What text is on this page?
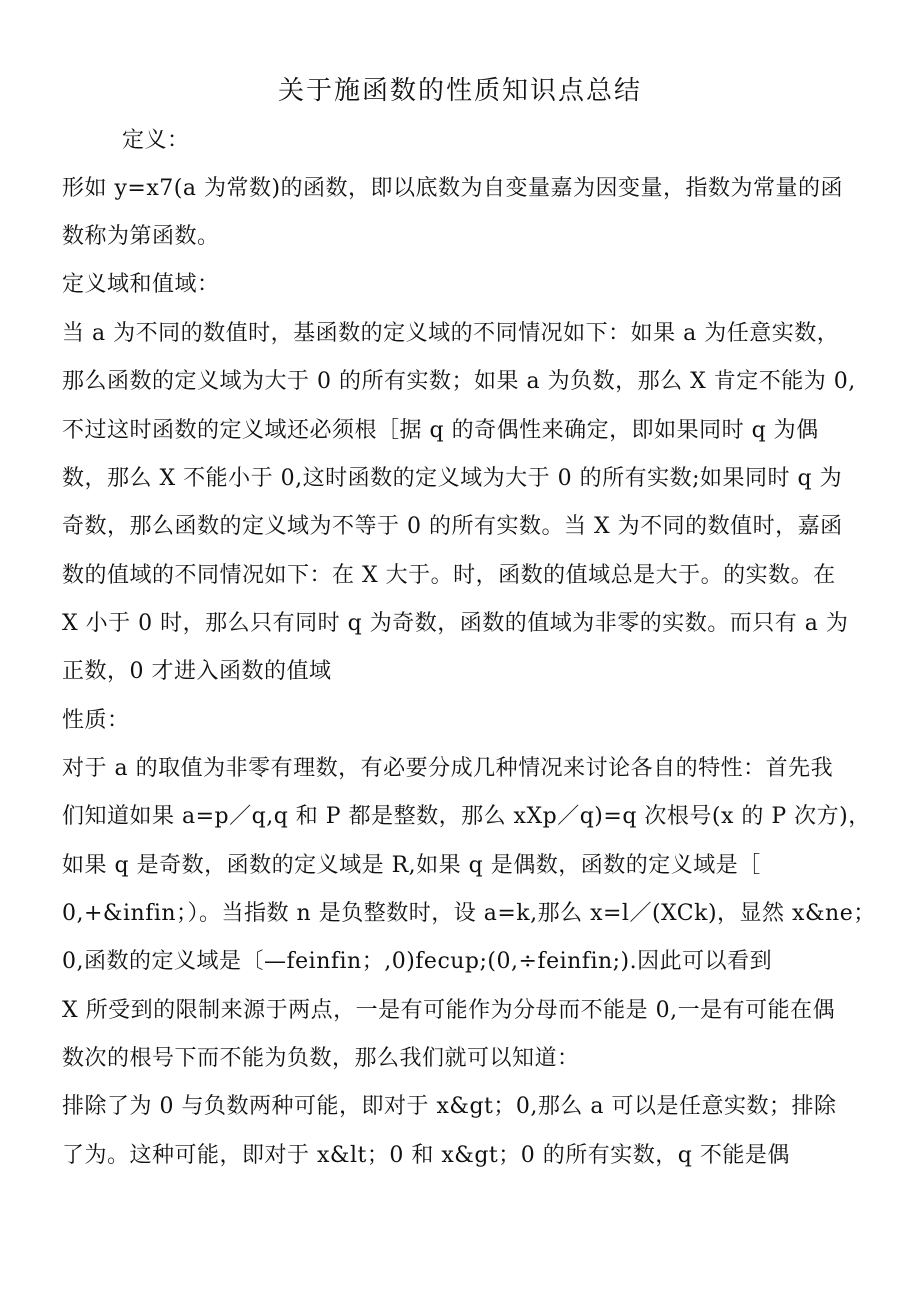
关于施函数的性质知识点总结

定义：

形如 y=x7(a 为常数)的函数，即以底数为自变量嘉为因变量，指数为常量的函

数称为第函数。

定义域和值域：

当 a 为不同的数值时，基函数的定义域的不同情况如下：如果 a 为任意实数，

那么函数的定义域为大于 0 的所有实数；如果 a 为负数，那么 X 肯定不能为 0,

不过这时函数的定义域还必须根［据 q 的奇偶性来确定，即如果同时 q 为偶

数，那么 X 不能小于 0,这时函数的定义域为大于 0 的所有实数;如果同时 q 为

奇数，那么函数的定义域为不等于 0 的所有实数。当 X 为不同的数值时，嘉函

数的值域的不同情况如下：在 X 大于。时，函数的值域总是大于。的实数。在

X 小于 0 时，那么只有同时 q 为奇数，函数的值域为非零的实数。而只有 a 为

正数，0 才进入函数的值域

性质：

对于 a 的取值为非零有理数，有必要分成几种情况来讨论各自的特性：首先我

们知道如果 a=p／q,q 和 P 都是整数，那么 xXp／q)=q 次根号(x 的 P 次方)，

如果 q 是奇数，函数的定义域是 R,如果 q 是偶数，函数的定义域是［

0,+&infin；）。当指数 n 是负整数时，设 a=k,那么 x=l／(XCk)，显然 x&ne；

0,函数的定义域是〔—feinfin；,0)fecup;(0,÷feinfin;).因此可以看到

X 所受到的限制来源于两点，一是有可能作为分母而不能是 0,一是有可能在偶

数次的根号下而不能为负数，那么我们就可以知道：

排除了为 0 与负数两种可能，即对于 x&gt；0,那么 a 可以是任意实数；排除

了为。这种可能，即对于 x&lt；0 和 x&gt；0 的所有实数，q 不能是偶
